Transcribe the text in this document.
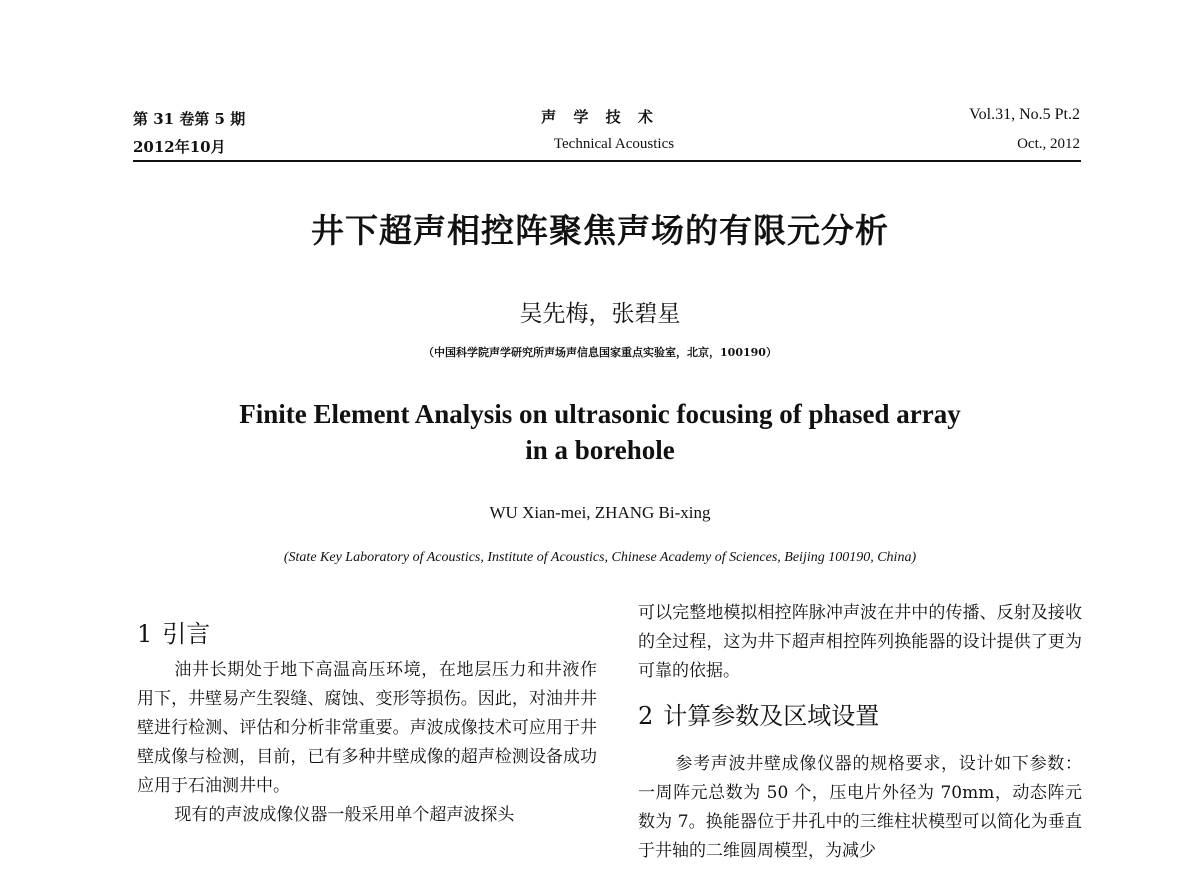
第 31 卷第 5 期
2012年10月
声 学 技 术
Technical Acoustics
Vol.31, No.5 Pt.2
Oct., 2012
井下超声相控阵聚焦声场的有限元分析
吴先梅，张碧星
（中国科学院声学研究所声场声信息国家重点实验室，北京，100190）
Finite Element Analysis on ultrasonic focusing of phased array
in a borehole
WU Xian-mei, ZHANG Bi-xing
(State Key Laboratory of Acoustics, Institute of Acoustics, Chinese Academy of Sciences, Beijing 100190, China)
1 引言

油井长期处于地下高温高压环境，在地层压力和井液作用下，井壁易产生裂缝、腐蚀、变形等损伤。因此，对油井井壁进行检测、评估和分析非常重要。声波成像技术可应用于井壁成像与检测，目前，已有多种井壁成像的超声检测设备成功应用于石油测井中。

现有的声波成像仪器一般采用单个超声波探头

可以完整地模拟相控阵脉冲声波在井中的传播、反射及接收的全过程，这为井下超声相控阵列换能器的设计提供了更为可靠的依据。

2 计算参数及区域设置

参考声波井壁成像仪器的规格要求，设计如下参数：一周阵元总数为 50 个，压电片外径为 70mm，动态阵元数为 7。换能器位于井孔中的三维柱状模型可以简化为垂直于井轴的二维圆周模型，为减少
